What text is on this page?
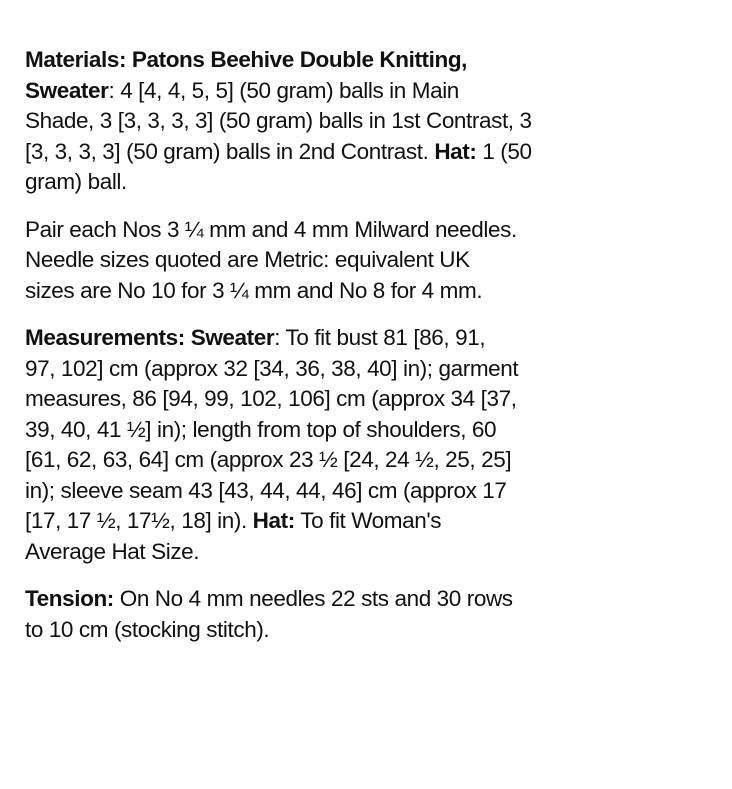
Materials: Patons Beehive Double Knitting,
Sweater: 4 [4, 4, 5, 5] (50 gram) balls in Main
Shade, 3 [3, 3, 3, 3] (50 gram) balls in 1st Contrast, 3
[3, 3, 3, 3] (50 gram) balls in 2nd Contrast. Hat: 1 (50
gram) ball.

Pair each Nos 3 ¼ mm and 4 mm Milward needles.
Needle sizes quoted are Metric: equivalent UK
sizes are No 10 for 3 ¼ mm and No 8 for 4 mm.

Measurements: Sweater: To fit bust 81 [86, 91,
97, 102] cm (approx 32 [34, 36, 38, 40] in); garment
measures, 86 [94, 99, 102, 106] cm (approx 34 [37,
39, 40, 41 ½] in); length from top of shoulders, 60
[61, 62, 63, 64] cm (approx 23 ½ [24, 24 ½, 25, 25]
in); sleeve seam 43 [43, 44, 44, 46] cm (approx 17
[17, 17 ½, 17½, 18] in). Hat: To fit Woman's
Average Hat Size.

Tension: On No 4 mm needles 22 sts and 30 rows
to 10 cm (stocking stitch).
